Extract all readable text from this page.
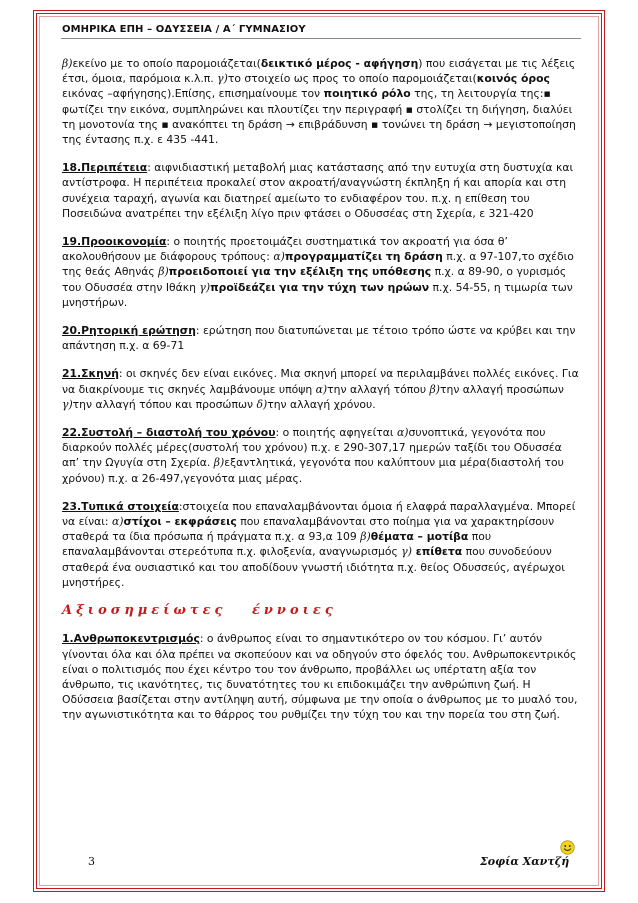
ΟΜΗΡΙΚΑ ΕΠΗ – ΟΔΥΣΣΕΙΑ / Α΄ ΓΥΜΝΑΣΙΟΥ

β)εκείνο με το οποίο παρομοιάζεται(δεικτικό μέρος - αφήγηση) που εισάγεται με τις λέξεις έτσι, όμοια, παρόμοια κ.λ.π. γ)το στοιχείο ως προς το οποίο παρομοιάζεται(κοινός όρος εικόνας –αφήγησης).Επίσης, επισημαίνουμε τον ποιητικό ρόλο της, τη λειτουργία της:▪ φωτίζει την εικόνα, συμπληρώνει και πλουτίζει την περιγραφή ▪ στολίζει τη διήγηση, διαλύει τη μονοτονία της ▪ ανακόπτει τη δράση → επιβράδυνση ▪ τονώνει τη δράση → μεγιστοποίηση της έντασης π.χ. ε 435 -441.

18.Περιπέτεια: αιφνιδιαστική μεταβολή μιας κατάστασης από την ευτυχία στη δυστυχία και αντίστροφα. Η περιπέτεια προκαλεί στον ακροατή/αναγνώστη έκπληξη ή και απορία και στη συνέχεια ταραχή, αγωνία και διατηρεί αμείωτο το ενδιαφέρον του. π.χ. η επίθεση του Ποσειδώνα ανατρέπει την εξέλιξη λίγο πριν φτάσει ο Οδυσσέας στη Σχερία, ε 321-420

19.Προοικονομία: ο ποιητής προετοιμάζει συστηματικά τον ακροατή για όσα θ’ ακολουθήσουν με διάφορους τρόπους: α)προγραμματίζει τη δράση π.χ. α 97-107,το σχέδιο της θεάς Αθηνάς β)προειδοποιεί για την εξέλιξη της υπόθεσης π.χ. α 89-90, ο γυρισμός του Οδυσσέα στην Ιθάκη γ)προϊδεάζει για την τύχη των ηρώων π.χ. 54-55, η τιμωρία των μνηστήρων.

20.Ρητορική ερώτηση: ερώτηση που διατυπώνεται με τέτοιο τρόπο ώστε να κρύβει και την απάντηση π.χ. α 69-71

21.Σκηνή: οι σκηνές δεν είναι εικόνες. Μια σκηνή μπορεί να περιλαμβάνει πολλές εικόνες. Για να διακρίνουμε τις σκηνές λαμβάνουμε υπόψη α)την αλλαγή τόπου β)την αλλαγή προσώπων γ)την αλλαγή τόπου και προσώπων δ)την αλλαγή χρόνου.

22.Συστολή – διαστολή του χρόνου: ο ποιητής αφηγείται α)συνοπτικά, γεγονότα που διαρκούν πολλές μέρες(συστολή του χρόνου) π.χ. ε 290-307,17 ημερών ταξίδι του Οδυσσέα απ’ την Ωγυγία στη Σχερία. β)εξαντλητικά, γεγονότα που καλύπτουν μια μέρα(διαστολή του χρόνου) π.χ. α 26-497,γεγονότα μιας μέρας.

23.Τυπικά στοιχεία:στοιχεία που επαναλαμβάνονται όμοια ή ελαφρά παραλλαγμένα. Μπορεί να είναι: α)στίχοι – εκφράσεις που επαναλαμβάνονται στο ποίημα για να χαρακτηρίσουν σταθερά τα ίδια πρόσωπα ή πράγματα π.χ. α 93,α 109 β)θέματα – μοτίβα που επαναλαμβάνονται στερεότυπα π.χ. φιλοξενία, αναγνωρισμός γ) επίθετα που συνοδεύουν σταθερά ένα ουσιαστικό και του αποδίδουν γνωστή ιδιότητα π.χ. θείος Οδυσσεύς, αγέρωχοι μνηστήρες.

Αξιοσημείωτες   έννοιες

1.Ανθρωποκεντρισμός: ο άνθρωπος είναι το σημαντικότερο ον του κόσμου. Γι’ αυτόν γίνονται όλα και όλα πρέπει να σκοπεύουν και να οδηγούν στο όφελός του. Ανθρωποκεντρικός είναι ο πολιτισμός που έχει κέντρο του τον άνθρωπο, προβάλλει ως υπέρτατη αξία τον άνθρωπο, τις ικανότητες, τις δυνατότητες του κι επιδοκιμάζει την ανθρώπινη ζωή. Η Οδύσσεια βασίζεται στην αντίληψη αυτή, σύμφωνα με την οποία ο άνθρωπος με το μυαλό του, την αγωνιστικότητα και το θάρρος του ρυθμίζει την τύχη του και την πορεία του στη ζωή.

3	Σοφία Χαντζή
